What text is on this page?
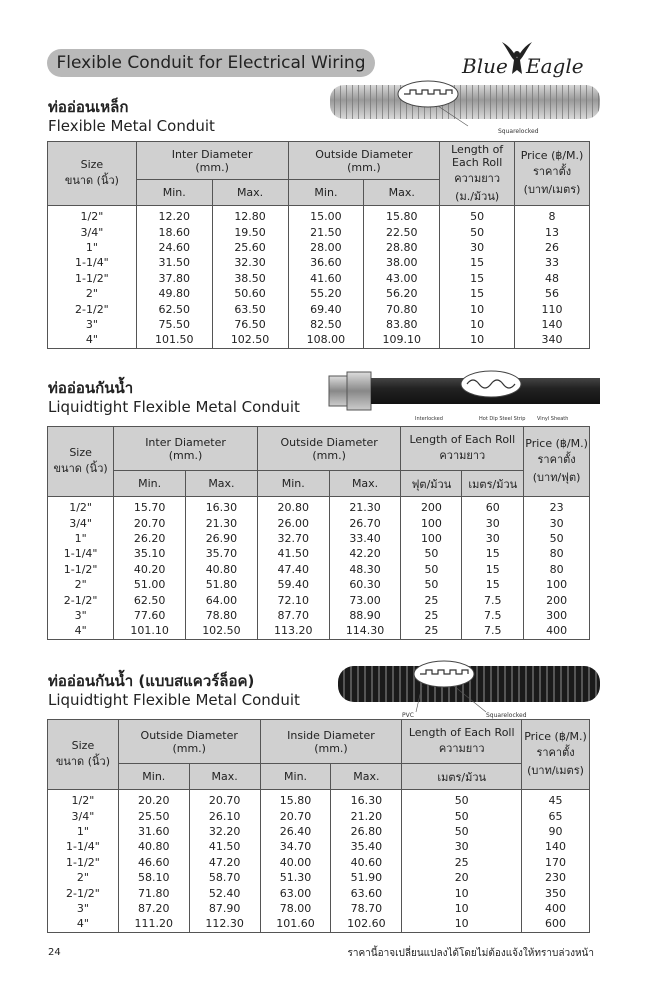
Flexible Conduit for Electrical Wiring	Blue Eagle
ท่ออ่อนเหล็ก
Flexible Metal Conduit	Squarelocked
Size
ขนาด (นิ้ว)	Inter Diameter
(mm.)		Outside Diameter
(mm.)		Length of Each Roll
ความยาว
(ม./ม้วน)	Price (฿/M.)
ราคาตั้ง
(บาท/เมตร)
	Min.	Max.	Min.	Max.		
1/2"	12.20	12.80	15.00	15.80	50	8
3/4"	18.60	19.50	21.50	22.50	50	13
1"	24.60	25.60	28.00	28.80	30	26
1-1/4"	31.50	32.30	36.60	38.00	15	33
1-1/2"	37.80	38.50	41.60	43.00	15	48
2"	49.80	50.60	55.20	56.20	15	56
2-1/2"	62.50	63.50	69.40	70.80	10	110
3"	75.50	76.50	82.50	83.80	10	140
4"	101.50	102.50	108.00	109.10	10	340
ท่ออ่อนกันน้ำ
Liquidtight Flexible Metal Conduit
Interlocked	Hot Dip Steel Strip Vinyl Sheath
Size
ขนาด (นิ้ว)	Inter Diameter
(mm.)		Outside Diameter
(mm.)		Length of Each Roll
ความยาว		Price (฿/M.)
ราคาตั้ง
(บาท/ฟุต)
	Min.	Max.	Min.	Max.	ฟุต/ม้วน	เมตร/ม้วน	
1/2"	15.70	16.30	20.80	21.30	200	60	23
3/4"	20.70	21.30	26.00	26.70	100	30	30
1"	26.20	26.90	32.70	33.40	100	30	50
1-1/4"	35.10	35.70	41.50	42.20	50	15	80
1-1/2"	40.20	40.80	47.40	48.30	50	15	80
2"	51.00	51.80	59.40	60.30	50	15	100
2-1/2"	62.50	64.00	72.10	73.00	25	7.5	200
3"	77.60	78.80	87.70	88.90	25	7.5	300
4"	101.10	102.50	113.20	114.30	25	7.5	400
ท่ออ่อนกันน้ำ (แบบสแควร์ล็อค)
Liquidtight Flexible Metal Conduit
PVC	Squarelocked
Size
ขนาด (นิ้ว)	Outside Diameter
(mm.)		Inside Diameter
(mm.)		Length of Each Roll
ความยาว	Price (฿/M.)
ราคาตั้ง
(บาท/เมตร)
	Min.	Max.	Min.	Max.	เมตร/ม้วน	
1/2"	20.20	20.70	15.80	16.30	50	45
3/4"	25.50	26.10	20.70	21.20	50	65
1"	31.60	32.20	26.40	26.80	50	90
1-1/4"	40.80	41.50	34.70	35.40	30	140
1-1/2"	46.60	47.20	40.00	40.60	25	170
2"	58.10	58.70	51.30	51.90	20	230
2-1/2"	71.80	52.40	63.00	63.60	10	350
3"	87.20	87.90	78.00	78.70	10	400
4"	111.20	112.30	101.60	102.60	10	600
24	ราคานี้อาจเปลี่ยนแปลงได้โดยไม่ต้องแจ้งให้ทราบล่วงหน้า
